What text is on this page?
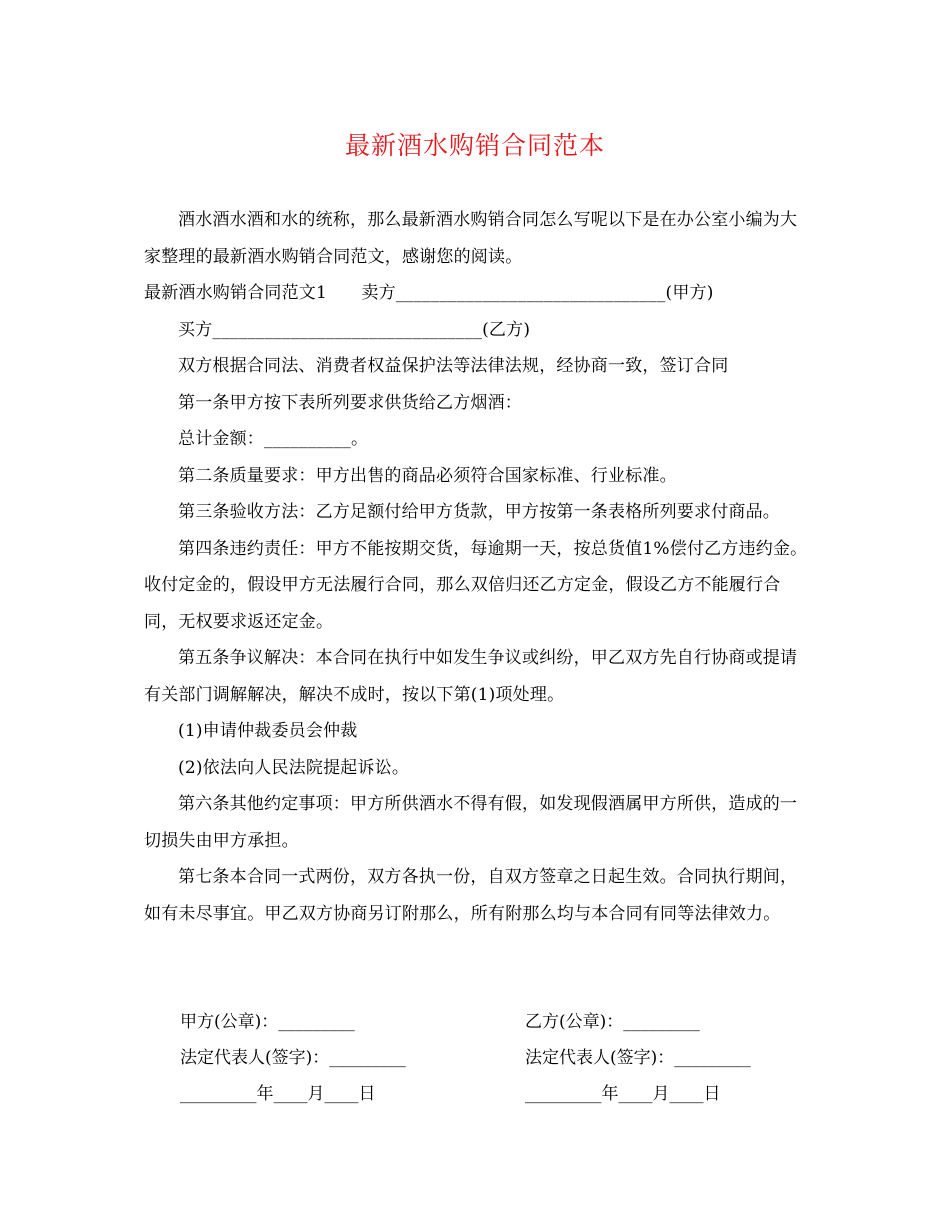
最新酒水购销合同范本

酒水酒水酒和水的统称，那么最新酒水购销合同怎么写呢以下是在办公室小编为大家整理的最新酒水购销合同范文，感谢您的阅读。

最新酒水购销合同范文1　　卖方_______________________________(甲方)

买方_______________________________(乙方)

双方根据合同法、消费者权益保护法等法律法规，经协商一致，签订合同

第一条甲方按下表所列要求供货给乙方烟酒：

总计金额：__________。

第二条质量要求：甲方出售的商品必须符合国家标准、行业标准。

第三条验收方法：乙方足额付给甲方货款，甲方按第一条表格所列要求付商品。

第四条违约责任：甲方不能按期交货，每逾期一天，按总货值1%偿付乙方违约金。收付定金的，假设甲方无法履行合同，那么双倍归还乙方定金，假设乙方不能履行合同，无权要求返还定金。

第五条争议解决：本合同在执行中如发生争议或纠纷，甲乙双方先自行协商或提请有关部门调解解决，解决不成时，按以下第(1)项处理。

(1)申请仲裁委员会仲裁

(2)依法向人民法院提起诉讼。

第六条其他约定事项：甲方所供酒水不得有假，如发现假酒属甲方所供，造成的一切损失由甲方承担。

第七条本合同一式两份，双方各执一份，自双方签章之日起生效。合同执行期间，如有未尽事宜。甲乙双方协商另订附那么，所有附那么均与本合同有同等法律效力。

甲方(公章)：_________	乙方(公章)：_________
法定代表人(签字)：_________	法定代表人(签字)：_________
_________年____月____日	_________年____月____日
